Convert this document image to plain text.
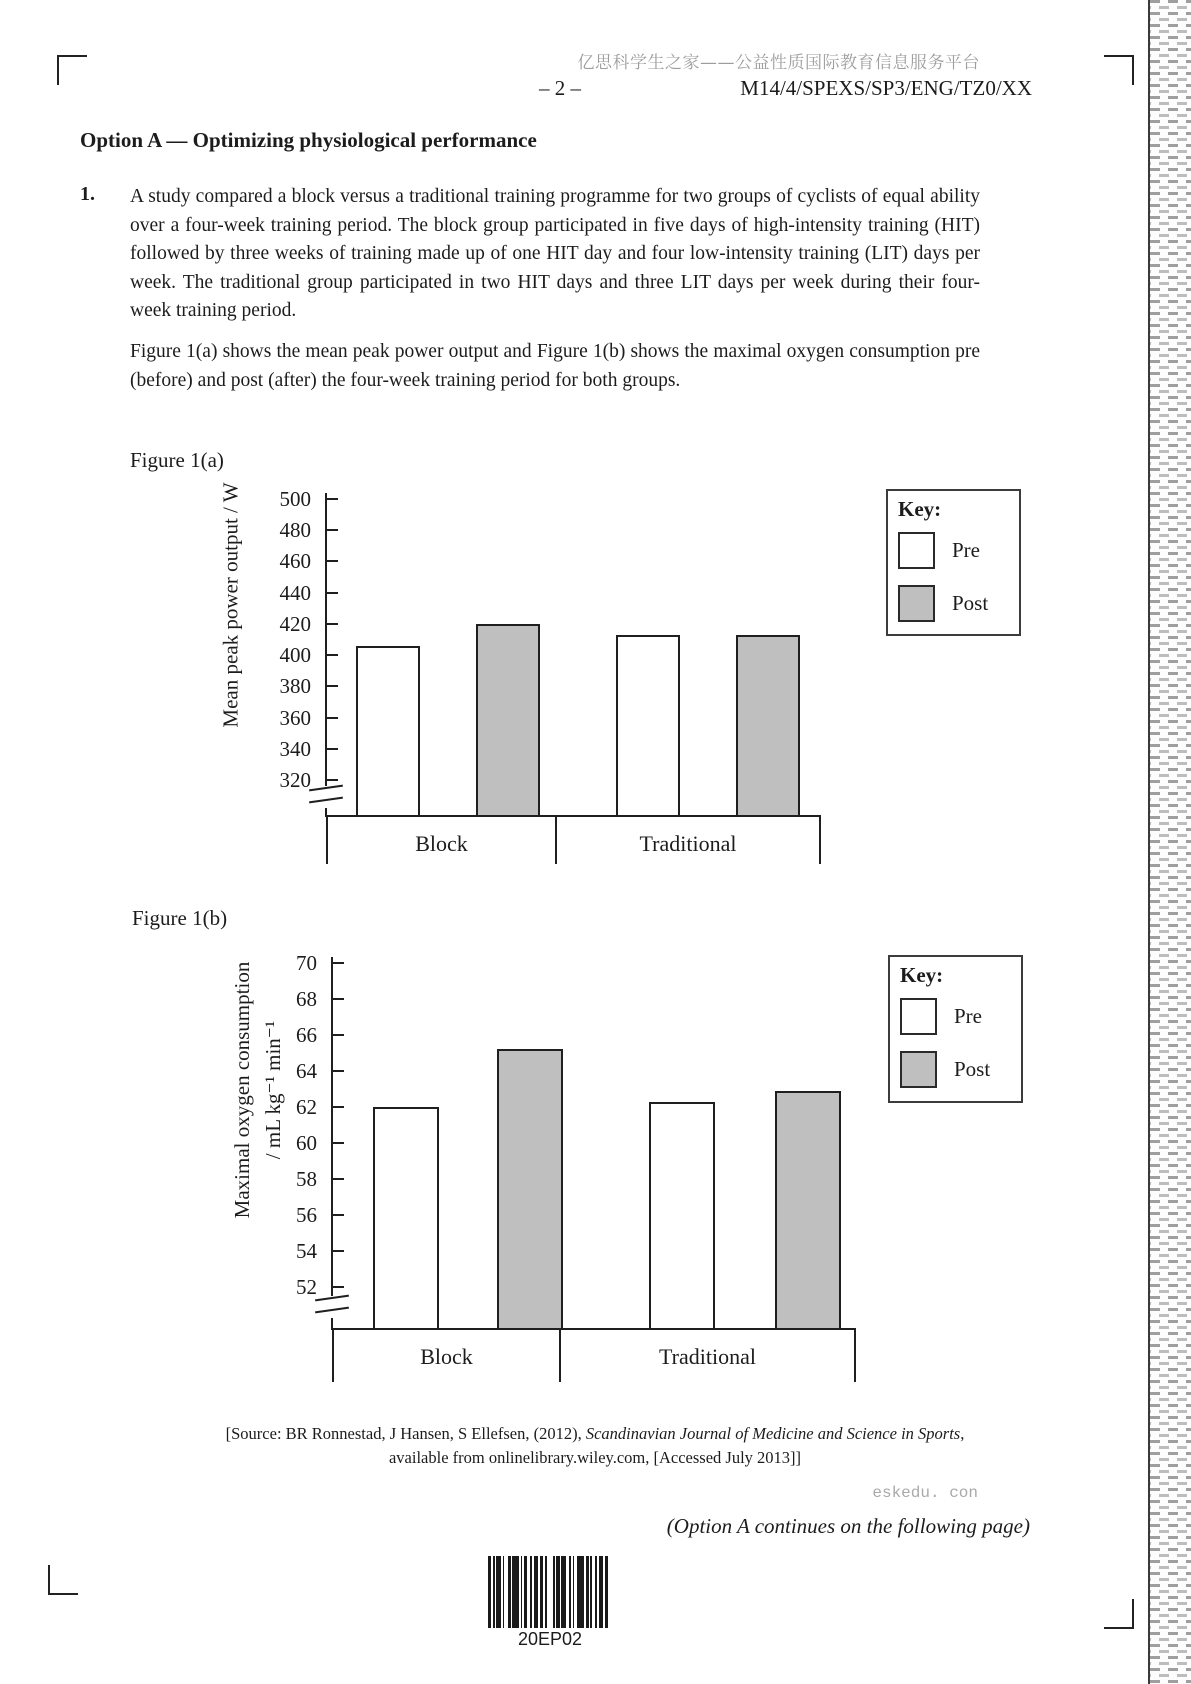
亿思科学生之家——公益性质国际教育信息服务平台
– 2 –	M14/4/SPEXS/SP3/ENG/TZ0/XX
Option A — Optimizing physiological performance
1. A study compared a block versus a traditional training programme for two groups of cyclists of equal ability over a four-week training period. The block group participated in five days of high-intensity training (HIT) followed by three weeks of training made up of one HIT day and four low-intensity training (LIT) days per week. The traditional group participated in two HIT days and three LIT days per week during their four-week training period.
Figure 1(a) shows the mean peak power output and Figure 1(b) shows the maximal oxygen consumption pre (before) and post (after) the four-week training period for both groups.
Figure 1(a)
Figure 1(b)
500
480
460
440
420
400
380
360
340
320
Block	Traditional
Mean peak power output / W	Key:
Pre
Post
70
68
66
64
62
60
58
56
54
52
Block	Traditional
Maximal oxygen consumption / mL kg⁻¹ min⁻¹
Key:
Pre
Post
[Source: BR Ronnestad, J Hansen, S Ellefsen, (2012), Scandinavian Journal of Medicine and Science in Sports,
available from onlinelibrary.wiley.com, [Accessed July 2013]]
(Option A continues on the following page)
eskedu. con
20EP02
